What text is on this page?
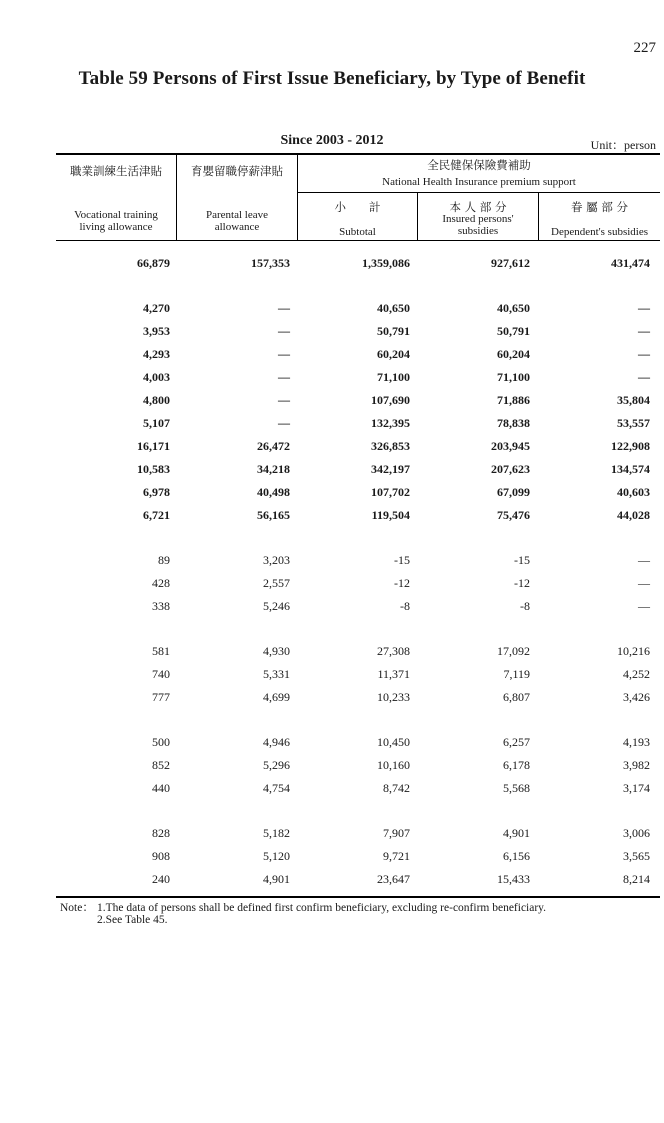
227
Table 59 Persons of First Issue Beneficiary, by Type of Benefit
Since 2003 - 2012	Unit：person
職業訓練生活津貼
Vocational training
living allowance
育嬰留職停薪津貼
Parental leave
allowance
全民健保保險費補助
National Health Insurance premium support
小　　計
Subtotal
本 人 部 分
Insured persons'
subsidies
眷 屬 部 分
Dependent's subsidies
66,879	157,353	1,359,086	927,612	431,474
4,270	—	40,650	40,650	—
3,953	—	50,791	50,791	—
4,293	—	60,204	60,204	—
4,003	—	71,100	71,100	—
4,800	—	107,690	71,886	35,804
5,107	—	132,395	78,838	53,557
16,171	26,472	326,853	203,945	122,908
10,583	34,218	342,197	207,623	134,574
6,978	40,498	107,702	67,099	40,603
6,721	56,165	119,504	75,476	44,028
89	3,203	-15	-15	—
428	2,557	-12	-12	—
338	5,246	-8	-8	—
581	4,930	27,308	17,092	10,216
740	5,331	11,371	7,119	4,252
777	4,699	10,233	6,807	3,426
500	4,946	10,450	6,257	4,193
852	5,296	10,160	6,178	3,982
440	4,754	8,742	5,568	3,174
828	5,182	7,907	4,901	3,006
908	5,120	9,721	6,156	3,565
240	4,901	23,647	15,433	8,214
Note： 1.The data of persons shall be defined first confirm beneficiary, excluding re-confirm beneficiary.
2.See Table 45.
